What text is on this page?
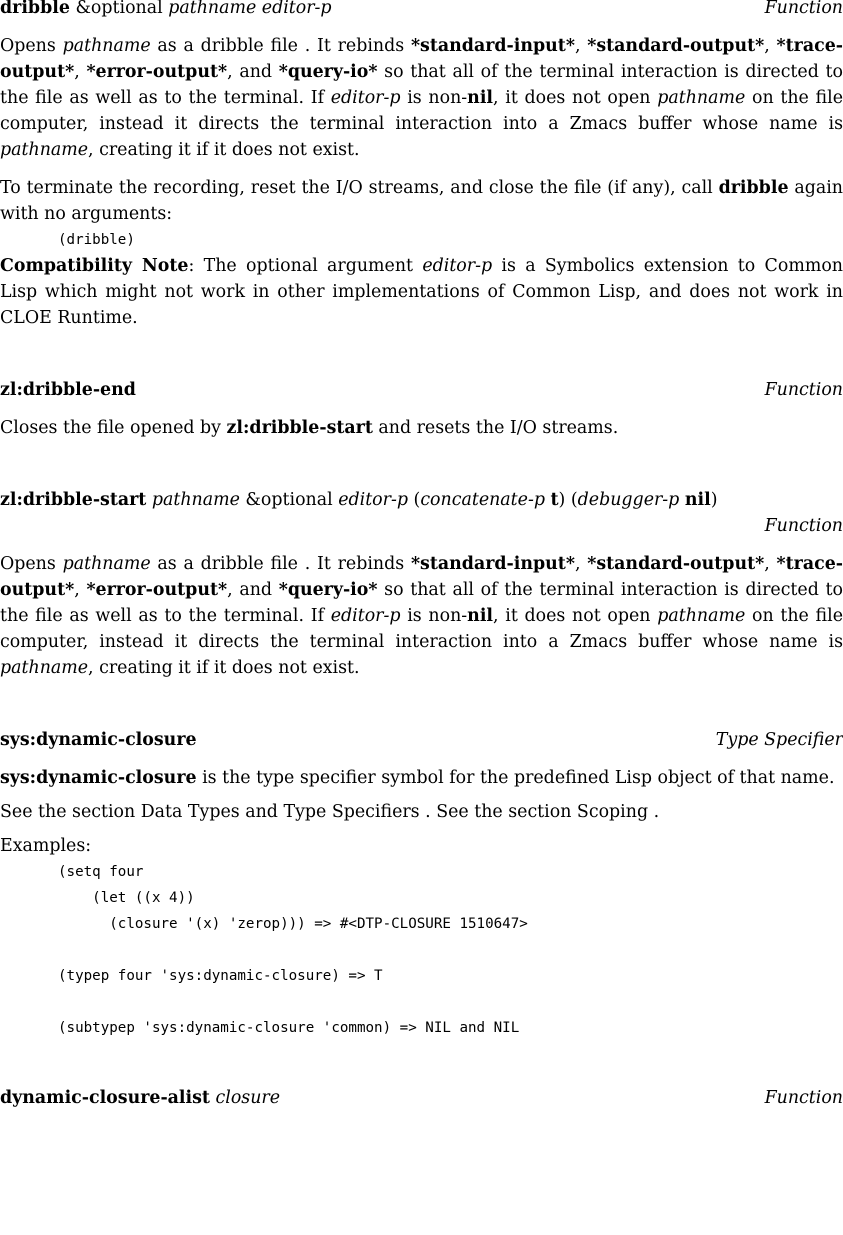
dribble &optional pathname editor-p	Function

Opens pathname as a dribble file . It rebinds *standard-input*, *standard-output*, *trace-output*, *error-output*, and *query-io* so that all of the terminal interaction is directed to the file as well as to the terminal. If editor-p is non-nil, it does not open pathname on the file computer, instead it directs the terminal interaction into a Zmacs buffer whose name is pathname, creating it if it does not exist.

To terminate the recording, reset the I/O streams, and close the file (if any), call dribble again with no arguments:

(dribble)

Compatibility Note: The optional argument editor-p is a Symbolics extension to Common Lisp which might not work in other implementations of Common Lisp, and does not work in CLOE Runtime.

zl:dribble-end	Function

Closes the file opened by zl:dribble-start and resets the I/O streams.

zl:dribble-start pathname &optional editor-p (concatenate-p t) (debugger-p nil)
Function

Opens pathname as a dribble file . It rebinds *standard-input*, *standard-output*, *trace-output*, *error-output*, and *query-io* so that all of the terminal interaction is directed to the file as well as to the terminal. If editor-p is non-nil, it does not open pathname on the file computer, instead it directs the terminal interaction into a Zmacs buffer whose name is pathname, creating it if it does not exist.

sys:dynamic-closure	Type Specifier

sys:dynamic-closure is the type specifier symbol for the predefined Lisp object of that name.

See the section Data Types and Type Specifiers . See the section Scoping .

Examples:

(setq four
(let ((x 4))
(closure '(x) 'zerop))) => #<DTP-CLOSURE 1510647>
(typep four 'sys:dynamic-closure) => T
(subtypep 'sys:dynamic-closure 'common) => NIL and NIL
dynamic-closure-alist closure	Function
